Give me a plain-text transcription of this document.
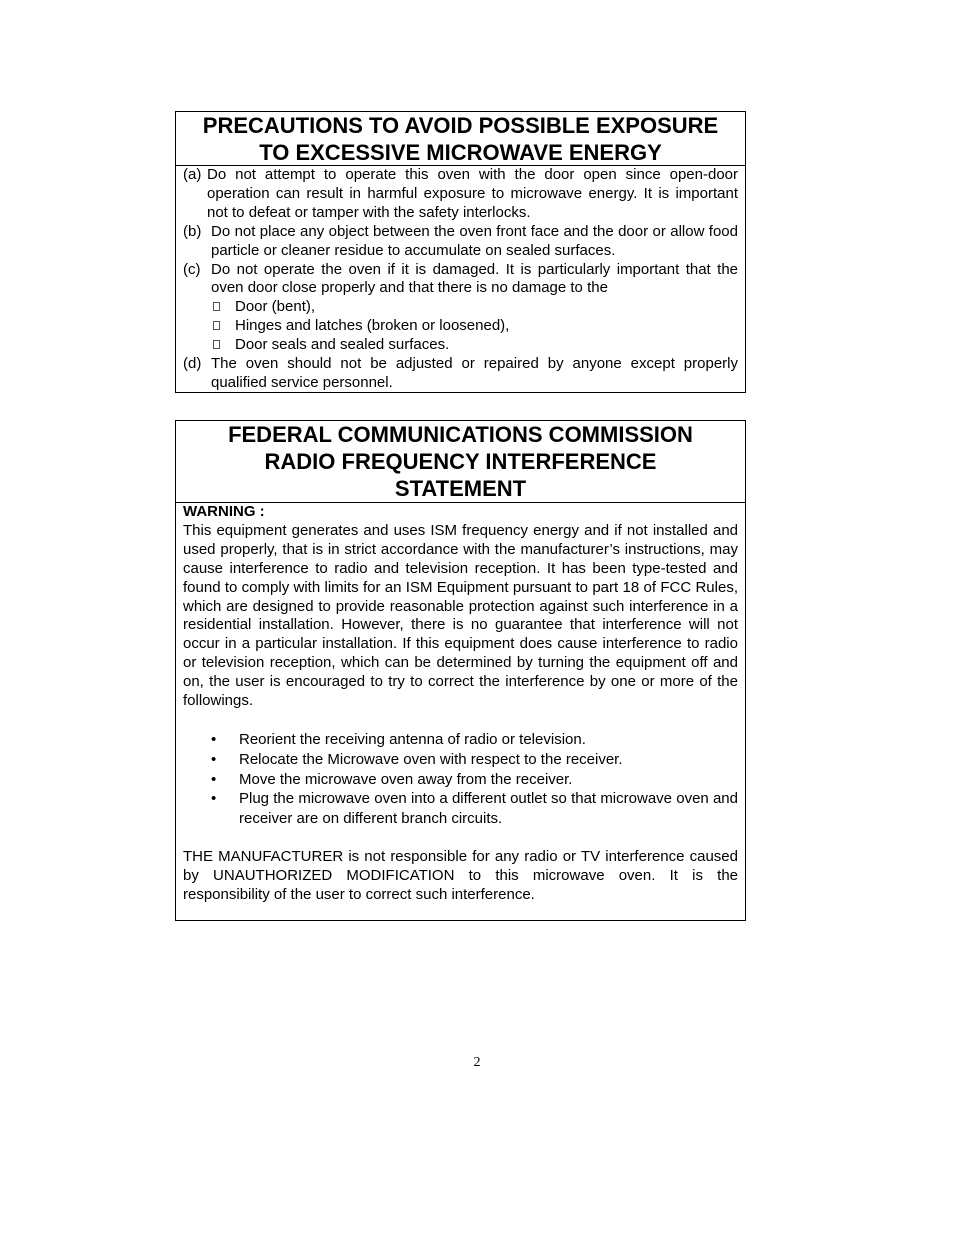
PRECAUTIONS TO AVOID POSSIBLE EXPOSURE
TO EXCESSIVE MICROWAVE ENERGY
(a) Do not attempt to operate this oven with the door open since open-door operation can result in harmful exposure to microwave energy. It is important not to defeat or tamper with the safety interlocks.
(b) Do not place any object between the oven front face and the door or allow food particle or cleaner residue to accumulate on sealed surfaces.
(c) Do not operate the oven if it is damaged. It is particularly important that the oven door close properly and that there is no damage to the
Door (bent),
Hinges and latches (broken or loosened),
Door seals and sealed surfaces.
(d) The oven should not be adjusted or repaired by anyone except properly qualified service personnel.
FEDERAL COMMUNICATIONS COMMISSION
RADIO FREQUENCY INTERFERENCE
STATEMENT
WARNING :
This equipment generates and uses ISM frequency energy and if not installed and used properly, that is in strict accordance with the manufacturer’s instructions, may cause interference to radio and television reception. It has been type-tested and found to comply with limits for an ISM Equipment pursuant to part 18 of FCC Rules, which are designed to provide reasonable protection against such interference in a residential installation. However, there is no guarantee that interference will not occur in a particular installation. If this equipment does cause interference to radio or television reception, which can be determined by turning the equipment off and on, the user is encouraged to try to correct the interference by one or more of the followings.
•	Reorient the receiving antenna of radio or television.
•	Relocate the Microwave oven with respect to the receiver.
•	Move the microwave oven away from the receiver.
•	Plug the microwave oven into a different outlet so that microwave oven and receiver are on different branch circuits.
THE MANUFACTURER is not responsible for any radio or TV interference caused by UNAUTHORIZED MODIFICATION to this microwave oven. It is the responsibility of the user to correct such interference.
2
